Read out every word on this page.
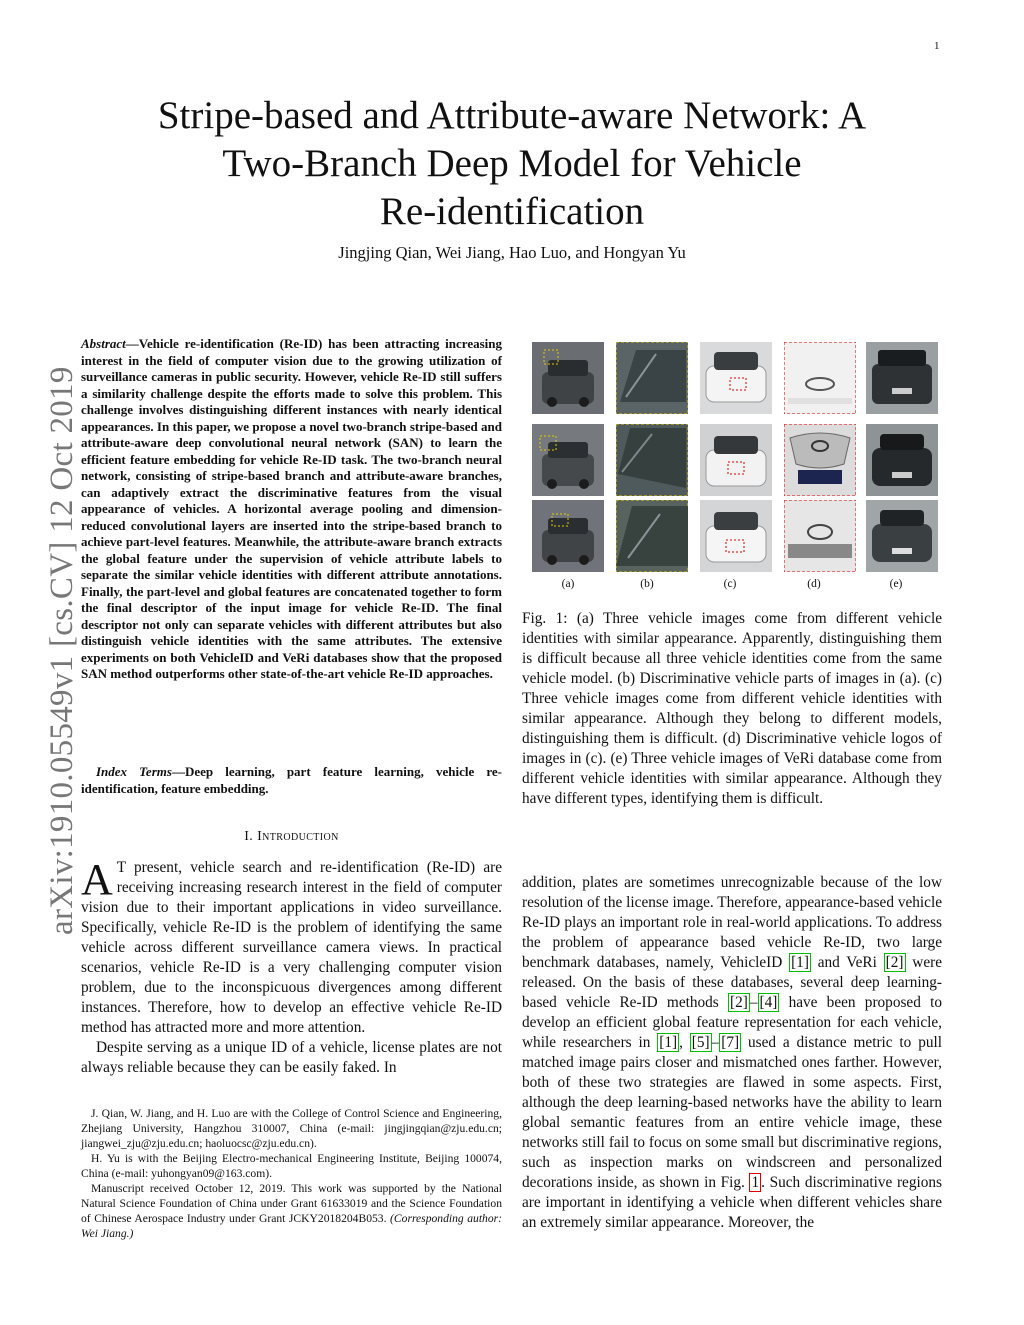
1
arXiv:1910.05549v1 [cs.CV] 12 Oct 2019
Stripe-based and Attribute-aware Network: A
Two-Branch Deep Model for Vehicle
Re-identification
Jingjing Qian, Wei Jiang, Hao Luo, and Hongyan Yu
Abstract—Vehicle re-identification (Re-ID) has been attracting increasing interest in the field of computer vision due to the growing utilization of surveillance cameras in public security. However, vehicle Re-ID still suffers a similarity challenge despite the efforts made to solve this problem. This challenge involves distinguishing different instances with nearly identical appearances. In this paper, we propose a novel two-branch stripe-based and attribute-aware deep convolutional neural network (SAN) to learn the efficient feature embedding for vehicle Re-ID task. The two-branch neural network, consisting of stripe-based branch and attribute-aware branches, can adaptively extract the discriminative features from the visual appearance of vehicles. A horizontal average pooling and dimension-reduced convolutional layers are inserted into the stripe-based branch to achieve part-level features. Meanwhile, the attribute-aware branch extracts the global feature under the supervision of vehicle attribute labels to separate the similar vehicle identities with different attribute annotations. Finally, the part-level and global features are concatenated together to form the final descriptor of the input image for vehicle Re-ID. The final descriptor not only can separate vehicles with different attributes but also distinguish vehicle identities with the same attributes. The extensive experiments on both VehicleID and VeRi databases show that the proposed SAN method outperforms other state-of-the-art vehicle Re-ID approaches.
Index Terms—Deep learning, part feature learning, vehicle re-identification, feature embedding.
I. Introduction

A T present, vehicle search and re-identification (Re-ID) are receiving increasing research interest in the field of computer vision due to their important applications in video surveillance. Specifically, vehicle Re-ID is the problem of identifying the same vehicle across different surveillance camera views. In practical scenarios, vehicle Re-ID is a very challenging computer vision problem, due to the inconspicuous divergences among different instances. Therefore, how to develop an effective vehicle Re-ID method has attracted more and more attention.

Despite serving as a unique ID of a vehicle, license plates are not always reliable because they can be easily faked. In

J. Qian, W. Jiang, and H. Luo are with the College of Control Science and Engineering, Zhejiang University, Hangzhou 310007, China (e-mail: jingjingqian@zju.edu.cn; jiangwei_zju@zju.edu.cn; haoluocsc@zju.edu.cn).

H. Yu is with the Beijing Electro-mechanical Engineering Institute, Beijing 100074, China (e-mail: yuhongyan09@163.com).

Manuscript received October 12, 2019. This work was supported by the National Natural Science Foundation of China under Grant 61633019 and the Science Foundation of Chinese Aerospace Industry under Grant JCKY2018204B053. (Corresponding author: Wei Jiang.)

(a)	(b)	(c)	(d)	(e)
Fig. 1: (a) Three vehicle images come from different vehicle identities with similar appearance. Apparently, distinguishing them is difficult because all three vehicle identities come from the same vehicle model. (b) Discriminative vehicle parts of images in (a). (c) Three vehicle images come from different vehicle identities with similar appearance. Although they belong to different models, distinguishing them is difficult. (d) Discriminative vehicle logos of images in (c). (e) Three vehicle images of VeRi database come from different vehicle identities with similar appearance. Although they have different types, identifying them is difficult.
addition, plates are sometimes unrecognizable because of the low resolution of the license image. Therefore, appearance-based vehicle Re-ID plays an important role in real-world applications. To address the problem of appearance based vehicle Re-ID, two large benchmark databases, namely, VehicleID [1] and VeRi [2] were released. On the basis of these databases, several deep learning-based vehicle Re-ID methods [2] – [4] have been proposed to develop an efficient global feature representation for each vehicle, while researchers in [1] , [5] – [7] used a distance metric to pull matched image pairs closer and mismatched ones farther. However, both of these two strategies are flawed in some aspects. First, although the deep learning-based networks have the ability to learn global semantic features from an entire vehicle image, these networks still fail to focus on some small but discriminative regions, such as inspection marks on windscreen and personalized decorations inside, as shown in Fig. 1 . Such discriminative regions are important in identifying a vehicle when different vehicles share an extremely similar appearance. Moreover, the
